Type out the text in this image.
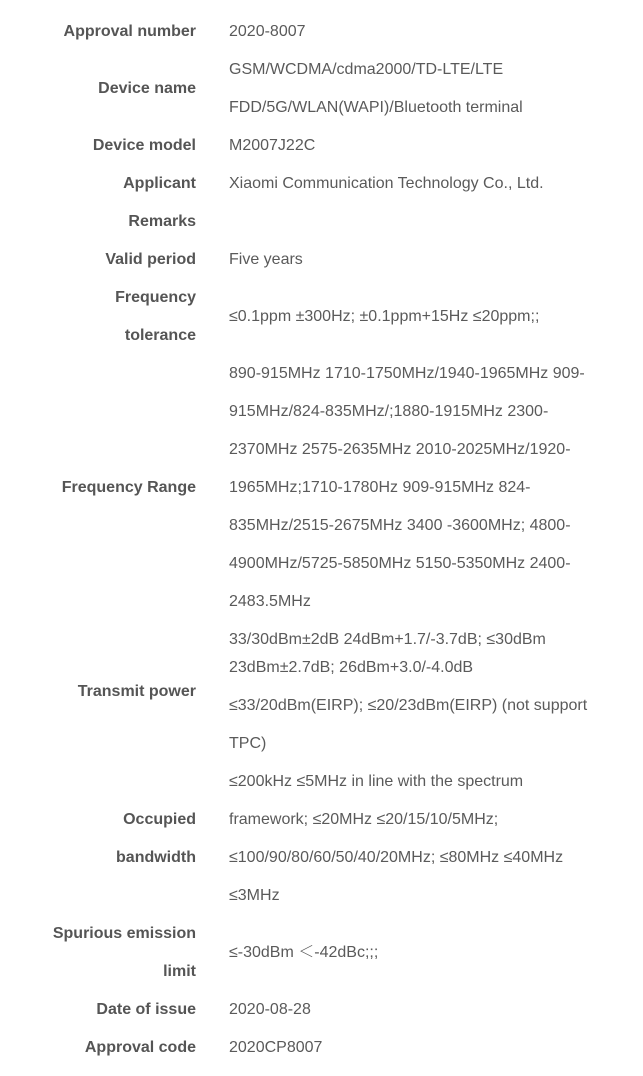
Approval number 2020-8007
Device name
GSM/WCDMA/cdma2000/TD-LTE/LTE
FDD/5G/WLAN(WAPI)/Bluetooth terminal
Device model M2007J22C
Applicant Xiaomi Communication Technology Co., Ltd.
Remarks
Valid period Five years
Frequency
tolerance
≤0.1ppm ±300Hz; ±0.1ppm+15Hz ≤20ppm;;
Frequency Range
890-915MHz 1710-1750MHz/1940-1965MHz 909-
915MHz/824-835MHz/;1880-1915MHz 2300-
2370MHz 2575-2635MHz 2010-2025MHz/1920-
1965MHz;1710-1780Hz 909-915MHz 824-
835MHz/2515-2675MHz 3400 -3600MHz; 4800-
4900MHz/5725-5850MHz 5150-5350MHz 2400-
2483.5MHz
Transmit power
33/30dBm±2dB 24dBm+1.7/-3.7dB; ≤30dBm
23dBm±2.7dB; 26dBm+3.0/-4.0dB
≤33/20dBm(EIRP); ≤20/23dBm(EIRP) (not support
TPC)
Occupied
bandwidth
≤200kHz ≤5MHz in line with the spectrum
framework; ≤20MHz ≤20/15/10/5MHz;
≤100/90/80/60/50/40/20MHz; ≤80MHz ≤40MHz
≤3MHz
Spurious emission
limit
≤-30dBm ＜-42dBc;;;
Date of issue 2020-08-28
Approval code 2020CP8007
